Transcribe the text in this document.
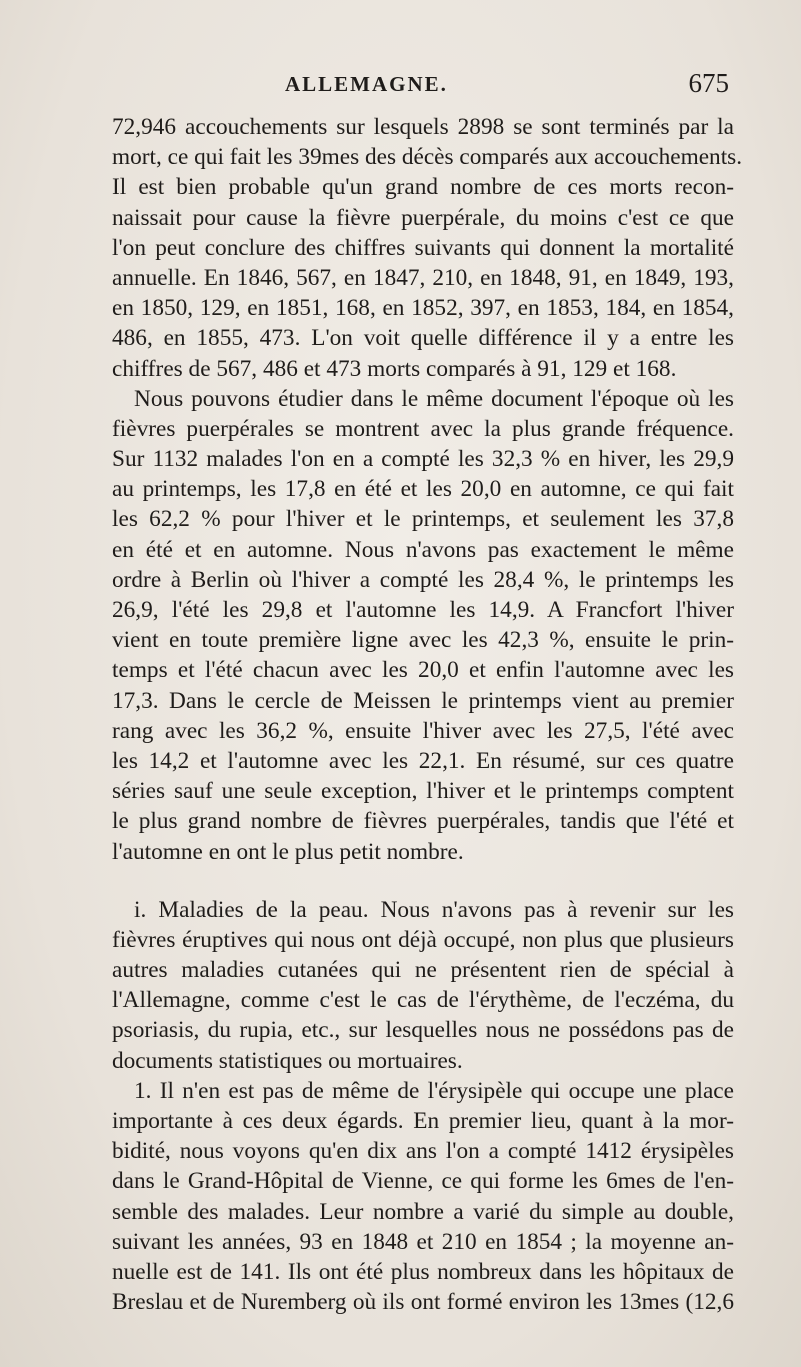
ALLEMAGNE.	675
72,946 accouchements sur lesquels 2898 se sont terminés par la
mort, ce qui fait les 39mes des décès comparés aux accouchements.
Il est bien probable qu'un grand nombre de ces morts recon-
naissait pour cause la fièvre puerpérale, du moins c'est ce que
l'on peut conclure des chiffres suivants qui donnent la mortalité
annuelle. En 1846, 567, en 1847, 210, en 1848, 91, en 1849, 193,
en 1850, 129, en 1851, 168, en 1852, 397, en 1853, 184, en 1854,
486, en 1855, 473. L'on voit quelle différence il y a entre les
chiffres de 567, 486 et 473 morts comparés à 91, 129 et 168.
Nous pouvons étudier dans le même document l'époque où les
fièvres puerpérales se montrent avec la plus grande fréquence.
Sur 1132 malades l'on en a compté les 32,3 % en hiver, les 29,9
au printemps, les 17,8 en été et les 20,0 en automne, ce qui fait
les 62,2 % pour l'hiver et le printemps, et seulement les 37,8
en été et en automne. Nous n'avons pas exactement le même
ordre à Berlin où l'hiver a compté les 28,4 %, le printemps les
26,9, l'été les 29,8 et l'automne les 14,9. A Francfort l'hiver
vient en toute première ligne avec les 42,3 %, ensuite le prin-
temps et l'été chacun avec les 20,0 et enfin l'automne avec les
17,3. Dans le cercle de Meissen le printemps vient au premier
rang avec les 36,2 %, ensuite l'hiver avec les 27,5, l'été avec
les 14,2 et l'automne avec les 22,1. En résumé, sur ces quatre
séries sauf une seule exception, l'hiver et le printemps comptent
le plus grand nombre de fièvres puerpérales, tandis que l'été et
l'automne en ont le plus petit nombre.
i. Maladies de la peau. Nous n'avons pas à revenir sur les
fièvres éruptives qui nous ont déjà occupé, non plus que plusieurs
autres maladies cutanées qui ne présentent rien de spécial à
l'Allemagne, comme c'est le cas de l'érythème, de l'eczéma, du
psoriasis, du rupia, etc., sur lesquelles nous ne possédons pas de
documents statistiques ou mortuaires.
1. Il n'en est pas de même de l'érysipèle qui occupe une place
importante à ces deux égards. En premier lieu, quant à la mor-
bidité, nous voyons qu'en dix ans l'on a compté 1412 érysipèles
dans le Grand-Hôpital de Vienne, ce qui forme les 6mes de l'en-
semble des malades. Leur nombre a varié du simple au double,
suivant les années, 93 en 1848 et 210 en 1854 ; la moyenne an-
nuelle est de 141. Ils ont été plus nombreux dans les hôpitaux de
Breslau et de Nuremberg où ils ont formé environ les 13mes (12,6
